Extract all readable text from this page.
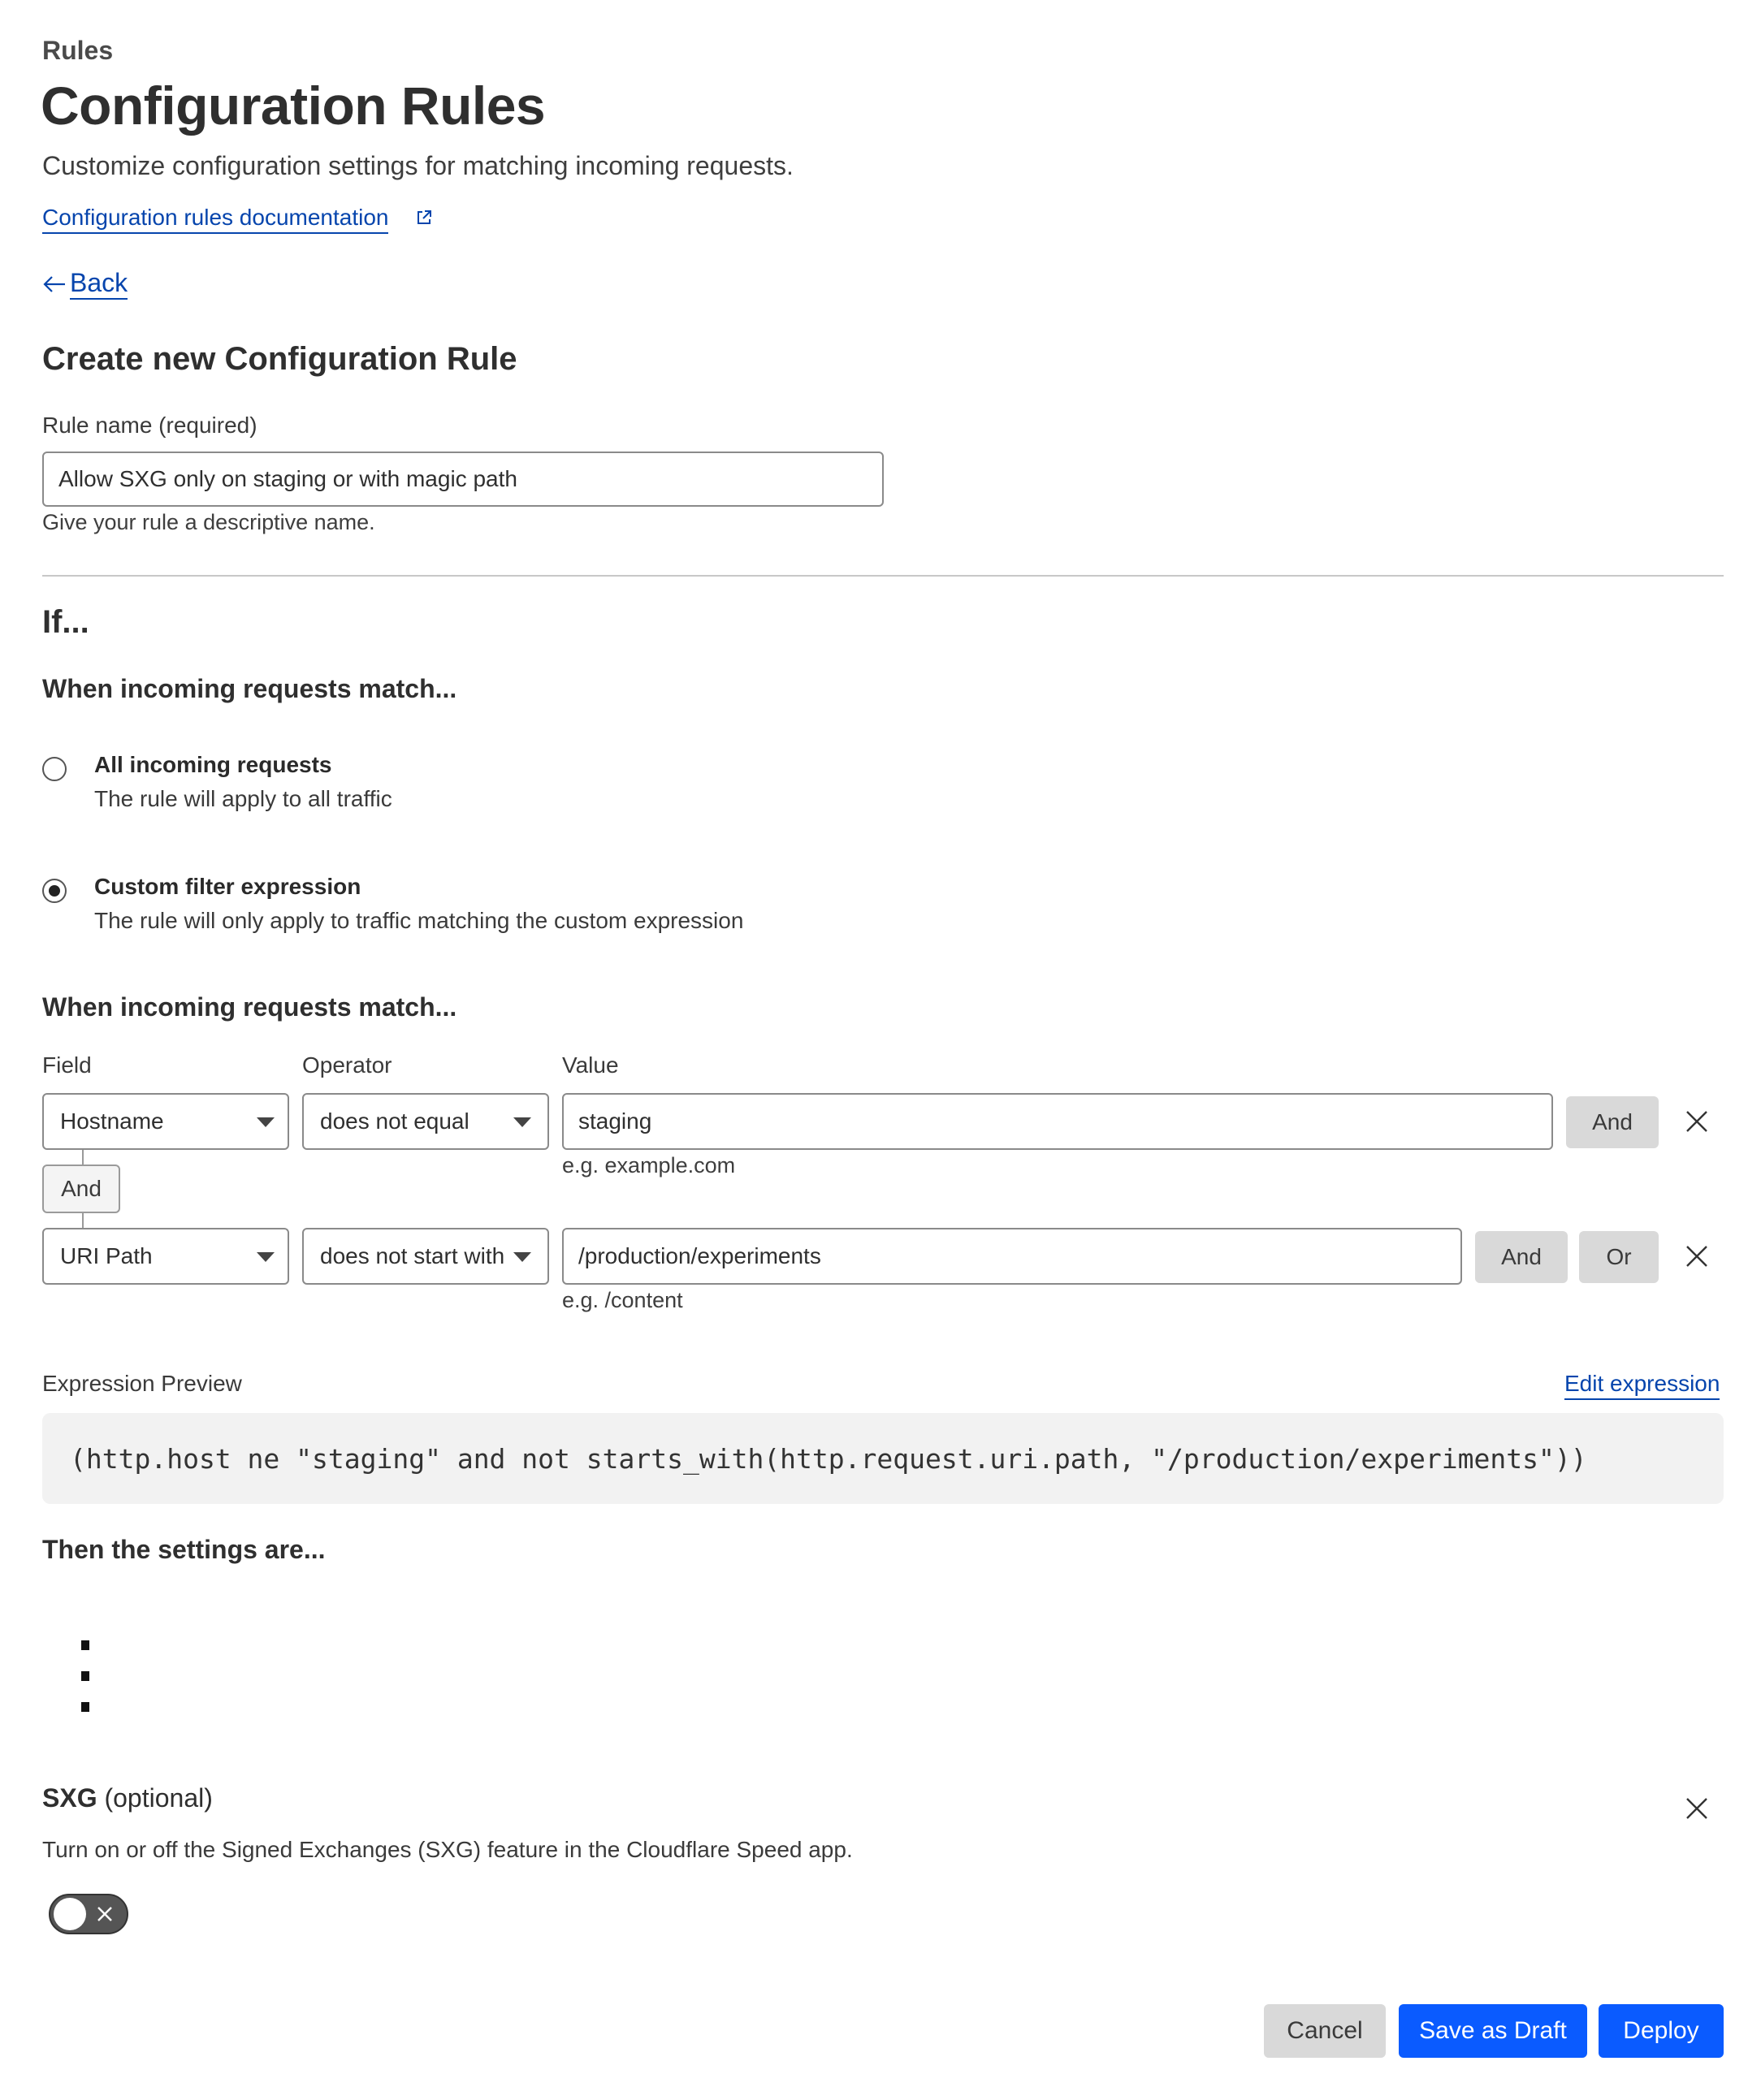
Rules
Configuration Rules
Customize configuration settings for matching incoming requests.
Configuration rules documentation
Back
Create new Configuration Rule
Rule name (required)
Allow SXG only on staging or with magic path
Give your rule a descriptive name.
If...
When incoming requests match...
All incoming requests
The rule will apply to all traffic
Custom filter expression
The rule will only apply to traffic matching the custom expression
When incoming requests match...
Field	Operator	Value
Hostname	does not equal	staging
e.g. example.com
And
And
URI Path	does not start with	/production/experiments
e.g. /content
And	Or
Expression Preview	Edit expression
(http.host ne "staging" and not starts_with(http.request.uri.path, "/production/experiments"))
Then the settings are...
SXG (optional)
Turn on or off the Signed Exchanges (SXG) feature in the Cloudflare Speed app.
Cancel	Save as Draft	Deploy
